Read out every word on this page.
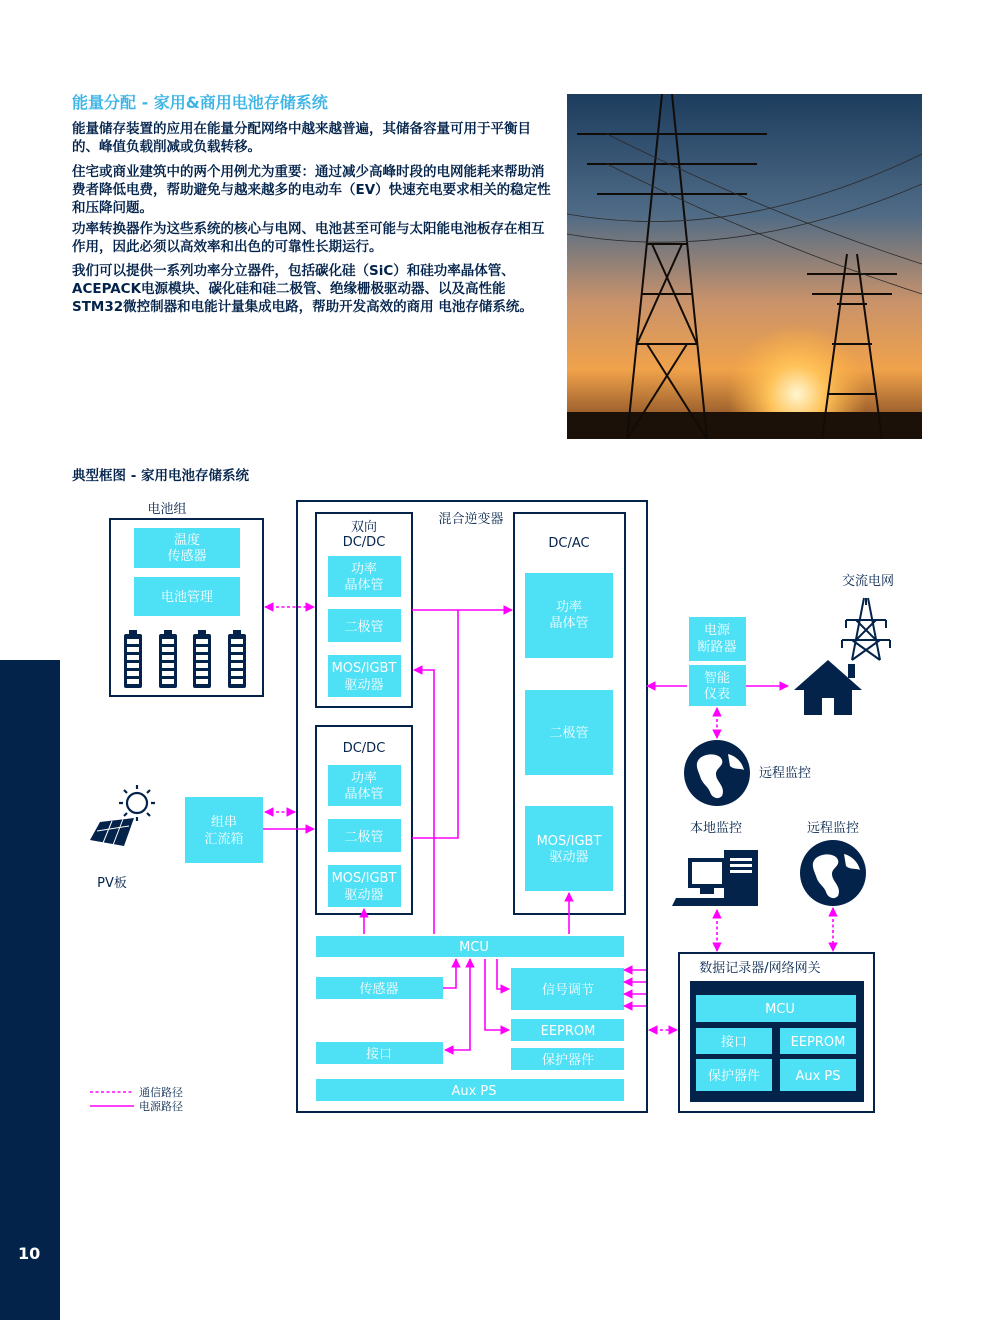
10
能量分配 - 家用&商用电池存储系统

能量储存装置的应用在能量分配网络中越来越普遍，其储备容量可用于平衡目的、峰值负载削减或负载转移。

住宅或商业建筑中的两个用例尤为重要：通过减少高峰时段的电网能耗来帮助消费者降低电费，帮助避免与越来越多的电动车（EV）快速充电要求相关的稳定性和压降问题。

功率转换器作为这些系统的核心与电网、电池甚至可能与太阳能电池板存在相互作用，因此必须以高效率和出色的可靠性长期运行。

我们可以提供一系列功率分立器件，包括碳化硅（SiC）和硅功率晶体管、ACEPACK电源模块、碳化硅和硅二极管、绝缘栅极驱动器、以及高性能STM32微控制器和电能计量集成电路，帮助开发高效的商用 电池存储系统。

典型框图 - 家用电池存储系统
电池组
温度
传感器
电池管理
PV板
组串
汇流箱
混合逆变器
双向
DC/DC
功率
晶体管
二极管
MOS/IGBT
驱动器
DC/DC
功率
晶体管
二极管
MOS/IGBT
驱动器
DC/AC
功率
晶体管
二极管
MOS/IGBT
驱动器
MCU
传感器	信号调节
EEPROM
接口	保护器件
Aux PS
电源
断路器
智能
仪表
交流电网
远程监控
本地监控	远程监控
数据记录器/网络网关
MCU
接口	EEPROM
保护器件	Aux PS
通信路径
电源路径
